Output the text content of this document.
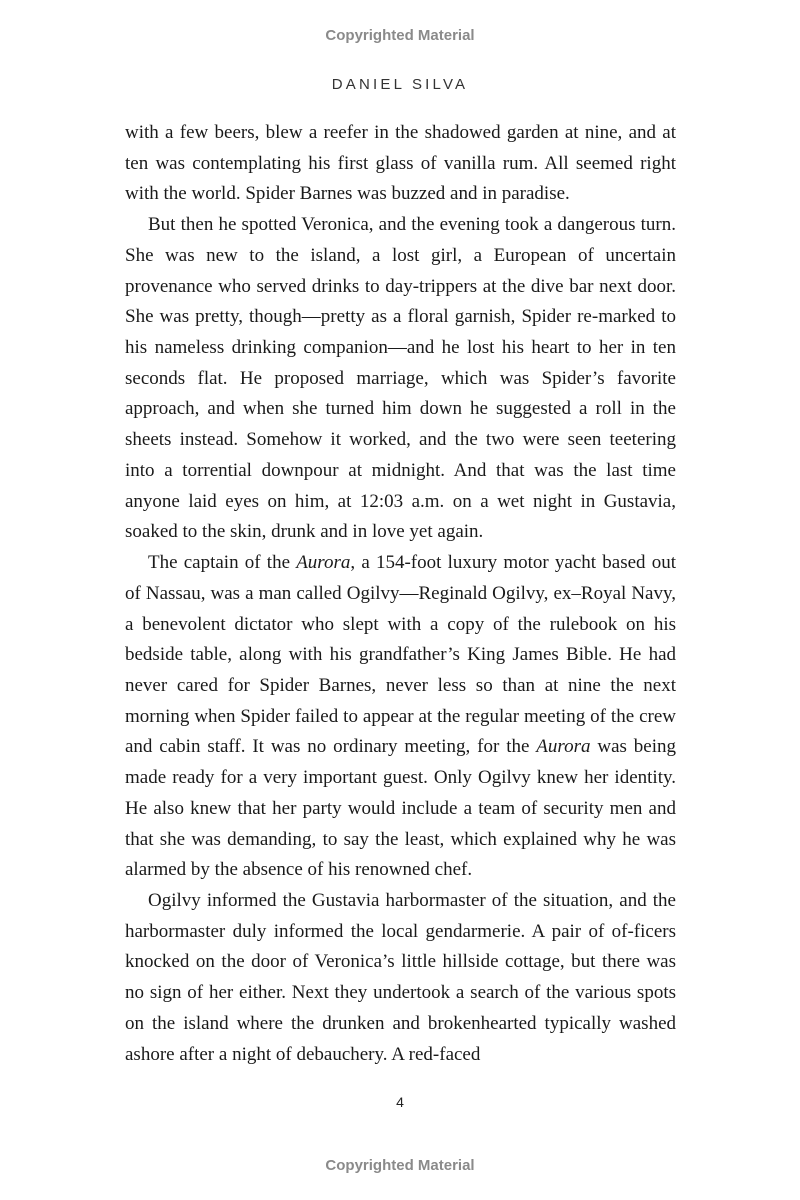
Copyrighted Material
DANIEL SILVA

with a few beers, blew a reefer in the shadowed garden at nine, and at ten was contemplating his first glass of vanilla rum. All seemed right with the world. Spider Barnes was buzzed and in paradise.

But then he spotted Veronica, and the evening took a dangerous turn. She was new to the island, a lost girl, a European of uncertain provenance who served drinks to day-trippers at the dive bar next door. She was pretty, though—pretty as a floral garnish, Spider re-marked to his nameless drinking companion—and he lost his heart to her in ten seconds flat. He proposed marriage, which was Spider’s favorite approach, and when she turned him down he suggested a roll in the sheets instead. Somehow it worked, and the two were seen teetering into a torrential downpour at midnight. And that was the last time anyone laid eyes on him, at 12:03 a.m. on a wet night in Gustavia, soaked to the skin, drunk and in love yet again.

The captain of the Aurora, a 154-foot luxury motor yacht based out of Nassau, was a man called Ogilvy—Reginald Ogilvy, ex–Royal Navy, a benevolent dictator who slept with a copy of the rulebook on his bedside table, along with his grandfather’s King James Bible. He had never cared for Spider Barnes, never less so than at nine the next morning when Spider failed to appear at the regular meeting of the crew and cabin staff. It was no ordinary meeting, for the Aurora was being made ready for a very important guest. Only Ogilvy knew her identity. He also knew that her party would include a team of security men and that she was demanding, to say the least, which explained why he was alarmed by the absence of his renowned chef.

Ogilvy informed the Gustavia harbormaster of the situation, and the harbormaster duly informed the local gendarmerie. A pair of of-ficers knocked on the door of Veronica’s little hillside cottage, but there was no sign of her either. Next they undertook a search of the various spots on the island where the drunken and brokenhearted typically washed ashore after a night of debauchery. A red-faced

4
Copyrighted Material
